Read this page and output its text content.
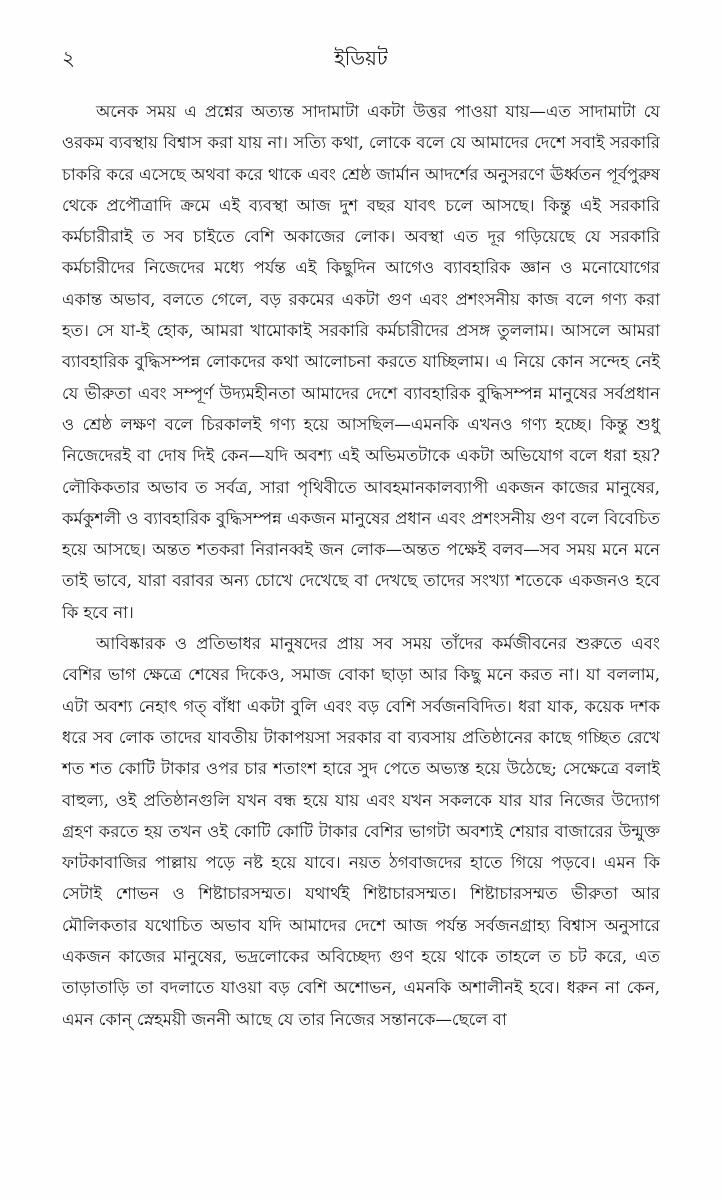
২	ইডিয়ট

অনেক সময় এ প্রশ্নের অত্যন্ত সাদামাটা একটা উত্তর পাওয়া যায়—এত সাদামাটা যে ওরকম ব্যবস্থায় বিশ্বাস করা যায় না। সত্যি কথা, লোকে বলে যে আমাদের দেশে সবাই সরকারি চাকরি করে এসেছে অথবা করে থাকে এবং শ্রেষ্ঠ জার্মান আদর্শের অনুসরণে ঊর্ধ্বতন পূর্বপুরুষ থেকে প্রপৌত্রাদি ক্রমে এই ব্যবস্থা আজ দুশ বছর যাবৎ চলে আসছে। কিন্তু এই সরকারি কর্মচারীরাই ত সব চাইতে বেশি অকাজের লোক। অবস্থা এত দূর গড়িয়েছে যে সরকারি কর্মচারীদের নিজেদের মধ্যে পর্যন্ত এই কিছুদিন আগেও ব্যাবহারিক জ্ঞান ও মনোযোগের একান্ত অভাব, বলতে গেলে, বড় রকমের একটা গুণ এবং প্রশংসনীয় কাজ বলে গণ্য করা হত। সে যা-ই হোক, আমরা খামোকাই সরকারি কর্মচারীদের প্রসঙ্গ তুললাম। আসলে আমরা ব্যাবহারিক বুদ্ধিসম্পন্ন লোকদের কথা আলোচনা করতে যাচ্ছিলাম। এ নিয়ে কোন সন্দেহ নেই যে ভীরুতা এবং সম্পূর্ণ উদ্যমহীনতা আমাদের দেশে ব্যাবহারিক বুদ্ধিসম্পন্ন মানুষের সর্বপ্রধান ও শ্রেষ্ঠ লক্ষণ বলে চিরকালই গণ্য হয়ে আসছিল—এমনকি এখনও গণ্য হচ্ছে। কিন্তু শুধু নিজেদেরই বা দোষ দিই কেন—যদি অবশ্য এই অভিমতটাকে একটা অভিযোগ বলে ধরা হয়? লৌকিকতার অভাব ত সর্বত্র, সারা পৃথিবীতে আবহমানকালব্যাপী একজন কাজের মানুষের, কর্মকুশলী ও ব্যাবহারিক বুদ্ধিসম্পন্ন একজন মানুষের প্রধান এবং প্রশংসনীয় গুণ বলে বিবেচিত হয়ে আসছে। অন্তত শতকরা নিরানব্বই জন লোক—অন্তত পক্ষেই বলব—সব সময় মনে মনে তাই ভাবে, যারা বরাবর অন্য চোখে দেখেছে বা দেখছে তাদের সংখ্যা শতেকে একজনও হবে কি হবে না।

আবিষ্কারক ও প্রতিভাধর মানুষদের প্রায় সব সময় তাঁদের কর্মজীবনের শুরুতে এবং বেশির ভাগ ক্ষেত্রে শেষের দিকেও, সমাজ বোকা ছাড়া আর কিছু মনে করত না। যা বললাম, এটা অবশ্য নেহাৎ গত্‌ বাঁধা একটা বুলি এবং বড় বেশি সর্বজনবিদিত। ধরা যাক, কয়েক দশক ধরে সব লোক তাদের যাবতীয় টাকাপয়সা সরকার বা ব্যবসায় প্রতিষ্ঠানের কাছে গচ্ছিত রেখে শত শত কোটি টাকার ওপর চার শতাংশ হারে সুদ পেতে অভ্যস্ত হয়ে উঠেছে; সেক্ষেত্রে বলাই বাহুল্য, ওই প্রতিষ্ঠানগুলি যখন বন্ধ হয়ে যায় এবং যখন সকলকে যার যার নিজের উদ্যোগ গ্রহণ করতে হয় তখন ওই কোটি কোটি টাকার বেশির ভাগটা অবশ্যই শেয়ার বাজারের উন্মুক্ত ফাটকাবাজির পাল্লায় পড়ে নষ্ট হয়ে যাবে। নয়ত ঠগবাজদের হাতে গিয়ে পড়বে। এমন কি সেটাই শোভন ও শিষ্টাচারসম্মত। যথার্থই শিষ্টাচারসম্মত। শিষ্টাচারসম্মত ভীরুতা আর মৌলিকতার যথোচিত অভাব যদি আমাদের দেশে আজ পর্যন্ত সর্বজনগ্রাহ্য বিশ্বাস অনুসারে একজন কাজের মানুষের, ভদ্রলোকের অবিচ্ছেদ্য গুণ হয়ে থাকে তাহলে ত চট করে, এত তাড়াতাড়ি তা বদলাতে যাওয়া বড় বেশি অশোভন, এমনকি অশালীনই হবে। ধরুন না কেন, এমন কোন্ স্নেহময়ী জননী আছে যে তার নিজের সন্তানকে—ছেলে বা
